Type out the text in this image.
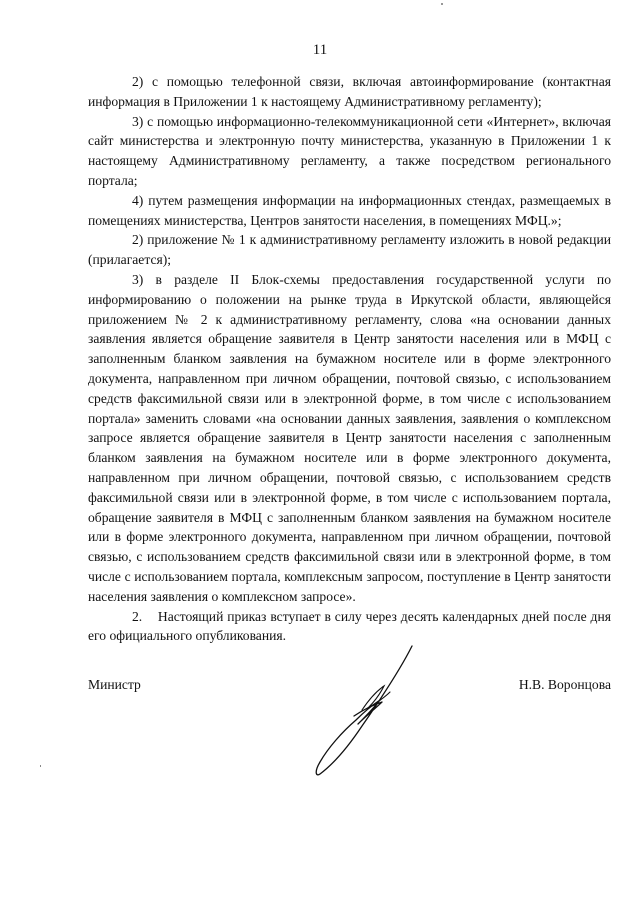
11

2) с помощью телефонной связи, включая автоинформирование (контактная информация в Приложении 1 к настоящему Административному регламенту);

3) с помощью информационно-телекоммуникационной сети «Интернет», включая сайт министерства и электронную почту министерства, указанную в Приложении 1 к настоящему Административному регламенту, а также посредством регионального портала;

4) путем размещения информации на информационных стендах, размещаемых в помещениях министерства, Центров занятости населения, в помещениях МФЦ.»;

2) приложение № 1 к административному регламенту изложить в новой редакции (прилагается);

3) в разделе II Блок-схемы предоставления государственной услуги по информированию о положении на рынке труда в Иркутской области, являющейся приложением № 2 к административному регламенту, слова «на основании данных заявления является обращение заявителя в Центр занятости населения или в МФЦ с заполненным бланком заявления на бумажном носителе или в форме электронного документа, направленном при личном обращении, почтовой связью, с использованием средств факсимильной связи или в электронной форме, в том числе с использованием портала» заменить словами «на основании данных заявления, заявления о комплексном запросе является обращение заявителя в Центр занятости населения с заполненным бланком заявления на бумажном носителе или в форме электронного документа, направленном при личном обращении, почтовой связью, с использованием средств факсимильной связи или в электронной форме, в том числе с использованием портала, обращение заявителя в МФЦ с заполненным бланком заявления на бумажном носителе или в форме электронного документа, направленном при личном обращении, почтовой связью, с использованием средств факсимильной связи или в электронной форме, в том числе с использованием портала, комплексным запросом, поступление в Центр занятости населения заявления о комплексном запросе».

2.    Настоящий приказ вступает в силу через десять календарных дней после дня его официального опубликования.

Министр	Н.В. Воронцова
